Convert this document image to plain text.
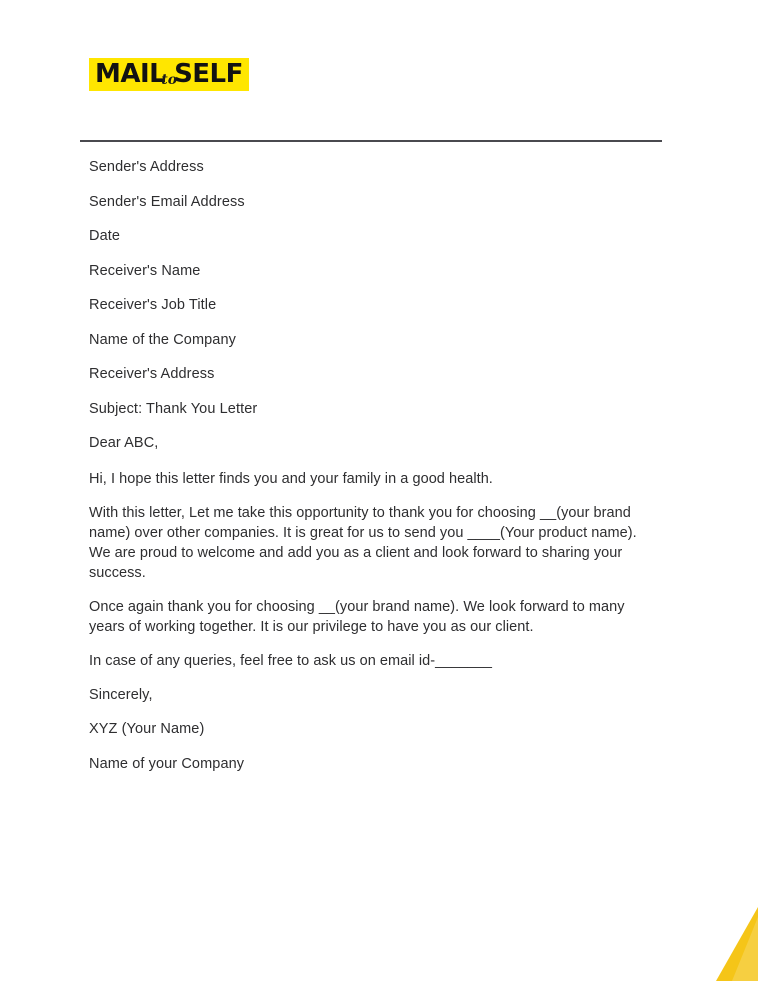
MAILtoSELF

Sender's Address

Sender's Email Address

Date

Receiver's Name

Receiver's Job Title

Name of the Company

Receiver's Address

Subject: Thank You Letter

Dear ABC,

Hi, I hope this letter finds you and your family in a good health.

With this letter, Let me take this opportunity to thank you for choosing __(your brand name) over other companies. It is great for us to send you ____(Your product name). We are proud to welcome and add you as a client and look forward to sharing your success.

Once again thank you for choosing __(your brand name). We look forward to many years of working together. It is our privilege to have you as our client.

In case of any queries, feel free to ask us on email id-_______

Sincerely,

XYZ (Your Name)

Name of your Company
